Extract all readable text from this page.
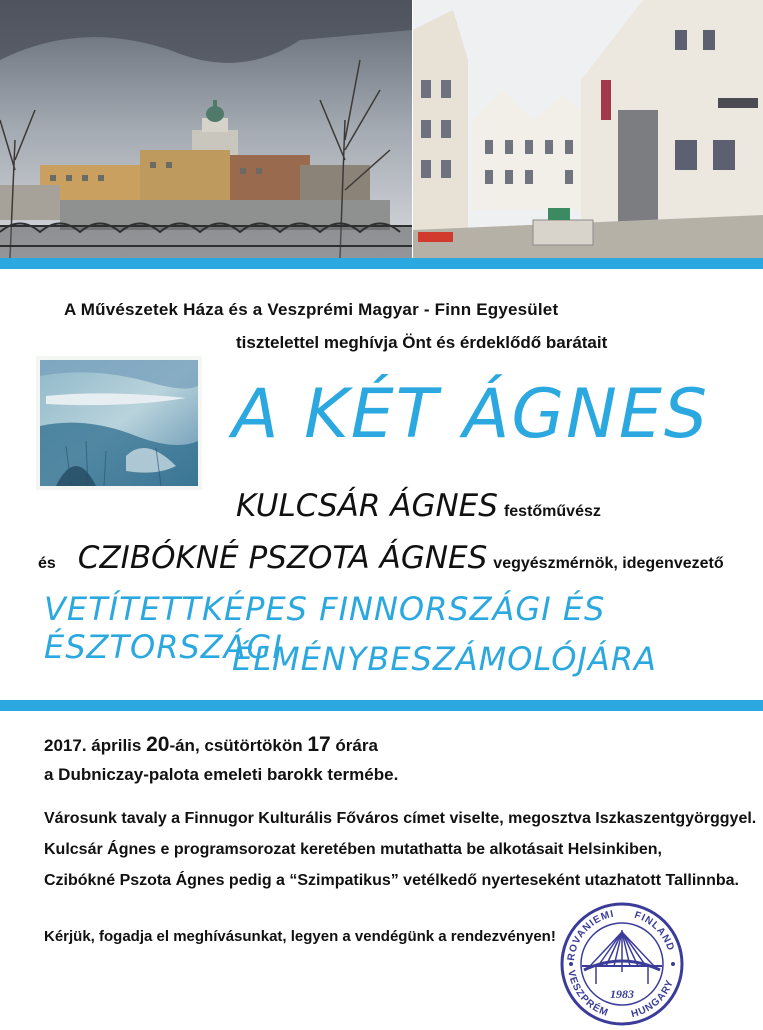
A Művészetek Háza és a Veszprémi Magyar - Finn Egyesület
tisztelettel meghívja Önt és érdeklődő barátait
A KÉT ÁGNES
KULCSÁR ÁGNES festőművész
és CZIBÓKNÉ PSZOTA ÁGNES vegyészmérnök, idegenvezető
VETÍTETTKÉPES FINNORSZÁGI ÉS ÉSZTORSZÁGI
ÉLMÉNYBESZÁMOLÓJÁRA
2017. április 20-án, csütörtökön 17 órára
a Dubniczay-palota emeleti barokk termébe.
Városunk tavaly a Finnugor Kulturális Főváros címet viselte, megosztva Iszkaszentgyörggyel.
Kulcsár Ágnes e programsorozat keretében mutathatta be alkotásait Helsinkiben,
Czibókné Pszota Ágnes pedig a “Szimpatikus” vetélkedő nyerteseként utazhatott Tallinnba.
Kérjük, fogadja el meghívásunkat, legyen a vendégünk a rendezvényen!
ROVANIEMI FINLAND
VESZPRÉM HUNGARY
1983
